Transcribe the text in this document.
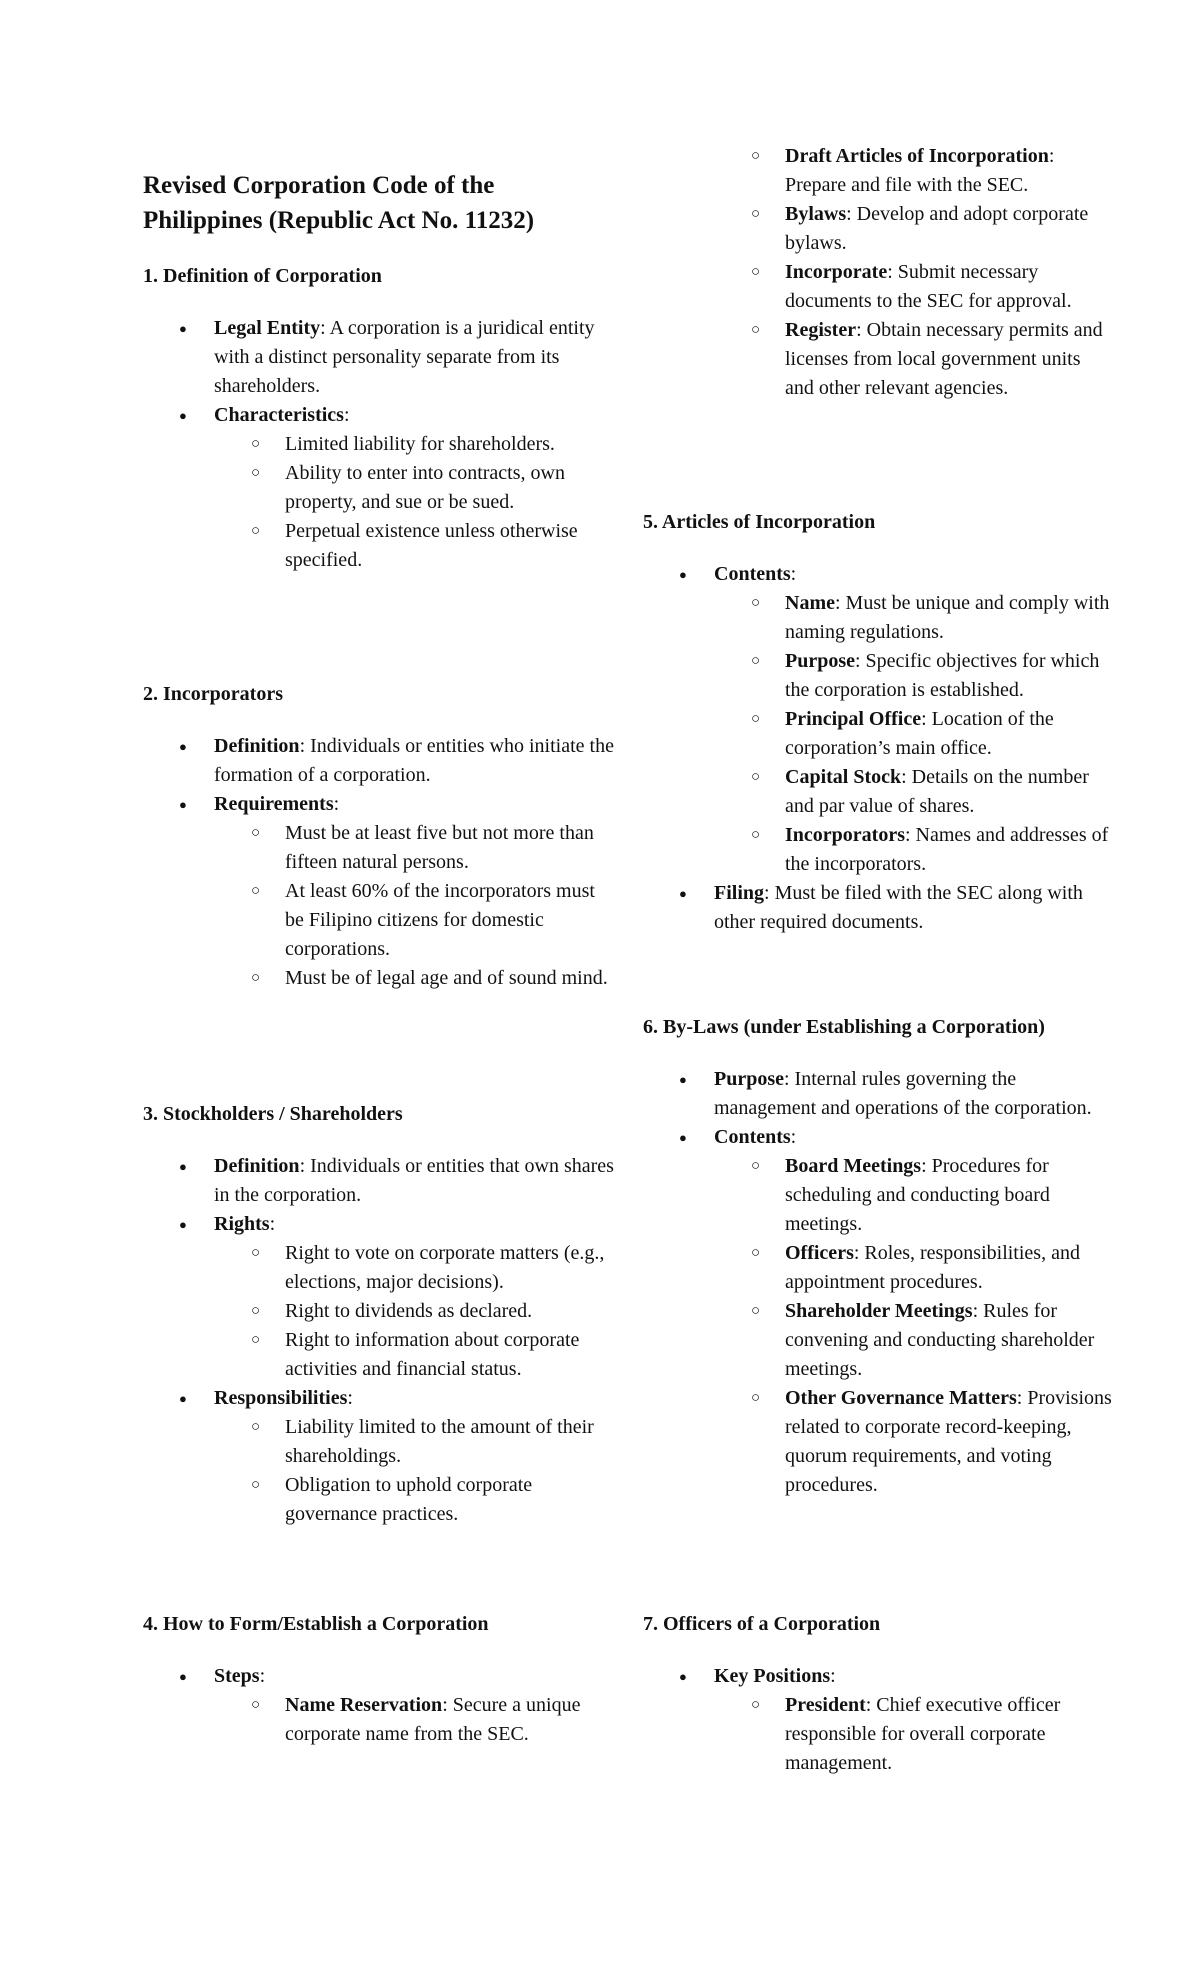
Revised Corporation Code of the Philippines (Republic Act No. 11232)

1. Definition of Corporation

● Legal Entity: A corporation is a juridical entity with a distinct personality separate from its shareholders.
● Characteristics:
○ Limited liability for shareholders.
○ Ability to enter into contracts, own property, and sue or be sued.
○ Perpetual existence unless otherwise specified.

2. Incorporators

● Definition: Individuals or entities who initiate the formation of a corporation.
● Requirements:
○ Must be at least five but not more than fifteen natural persons.
○ At least 60% of the incorporators must be Filipino citizens for domestic corporations.
○ Must be of legal age and of sound mind.

3. Stockholders / Shareholders

● Definition: Individuals or entities that own shares in the corporation.
● Rights:
○ Right to vote on corporate matters (e.g., elections, major decisions).
○ Right to dividends as declared.
○ Right to information about corporate activities and financial status.
● Responsibilities:
○ Liability limited to the amount of their shareholdings.
○ Obligation to uphold corporate governance practices.

4. How to Form/Establish a Corporation

● Steps:
○ Name Reservation: Secure a unique corporate name from the SEC.
○ Draft Articles of Incorporation: Prepare and file with the SEC.
○ Bylaws: Develop and adopt corporate bylaws.
○ Incorporate: Submit necessary documents to the SEC for approval.
○ Register: Obtain necessary permits and licenses from local government units and other relevant agencies.

5. Articles of Incorporation

● Contents:
○ Name: Must be unique and comply with naming regulations.
○ Purpose: Specific objectives for which the corporation is established.
○ Principal Office: Location of the corporation’s main office.
○ Capital Stock: Details on the number and par value of shares.
○ Incorporators: Names and addresses of the incorporators.
● Filing: Must be filed with the SEC along with other required documents.

6. By-Laws (under Establishing a Corporation)

● Purpose: Internal rules governing the management and operations of the corporation.
● Contents:
○ Board Meetings: Procedures for scheduling and conducting board meetings.
○ Officers: Roles, responsibilities, and appointment procedures.
○ Shareholder Meetings: Rules for convening and conducting shareholder meetings.
○ Other Governance Matters: Provisions related to corporate record-keeping, quorum requirements, and voting procedures.

7. Officers of a Corporation

● Key Positions:
○ President: Chief executive officer responsible for overall corporate management.
